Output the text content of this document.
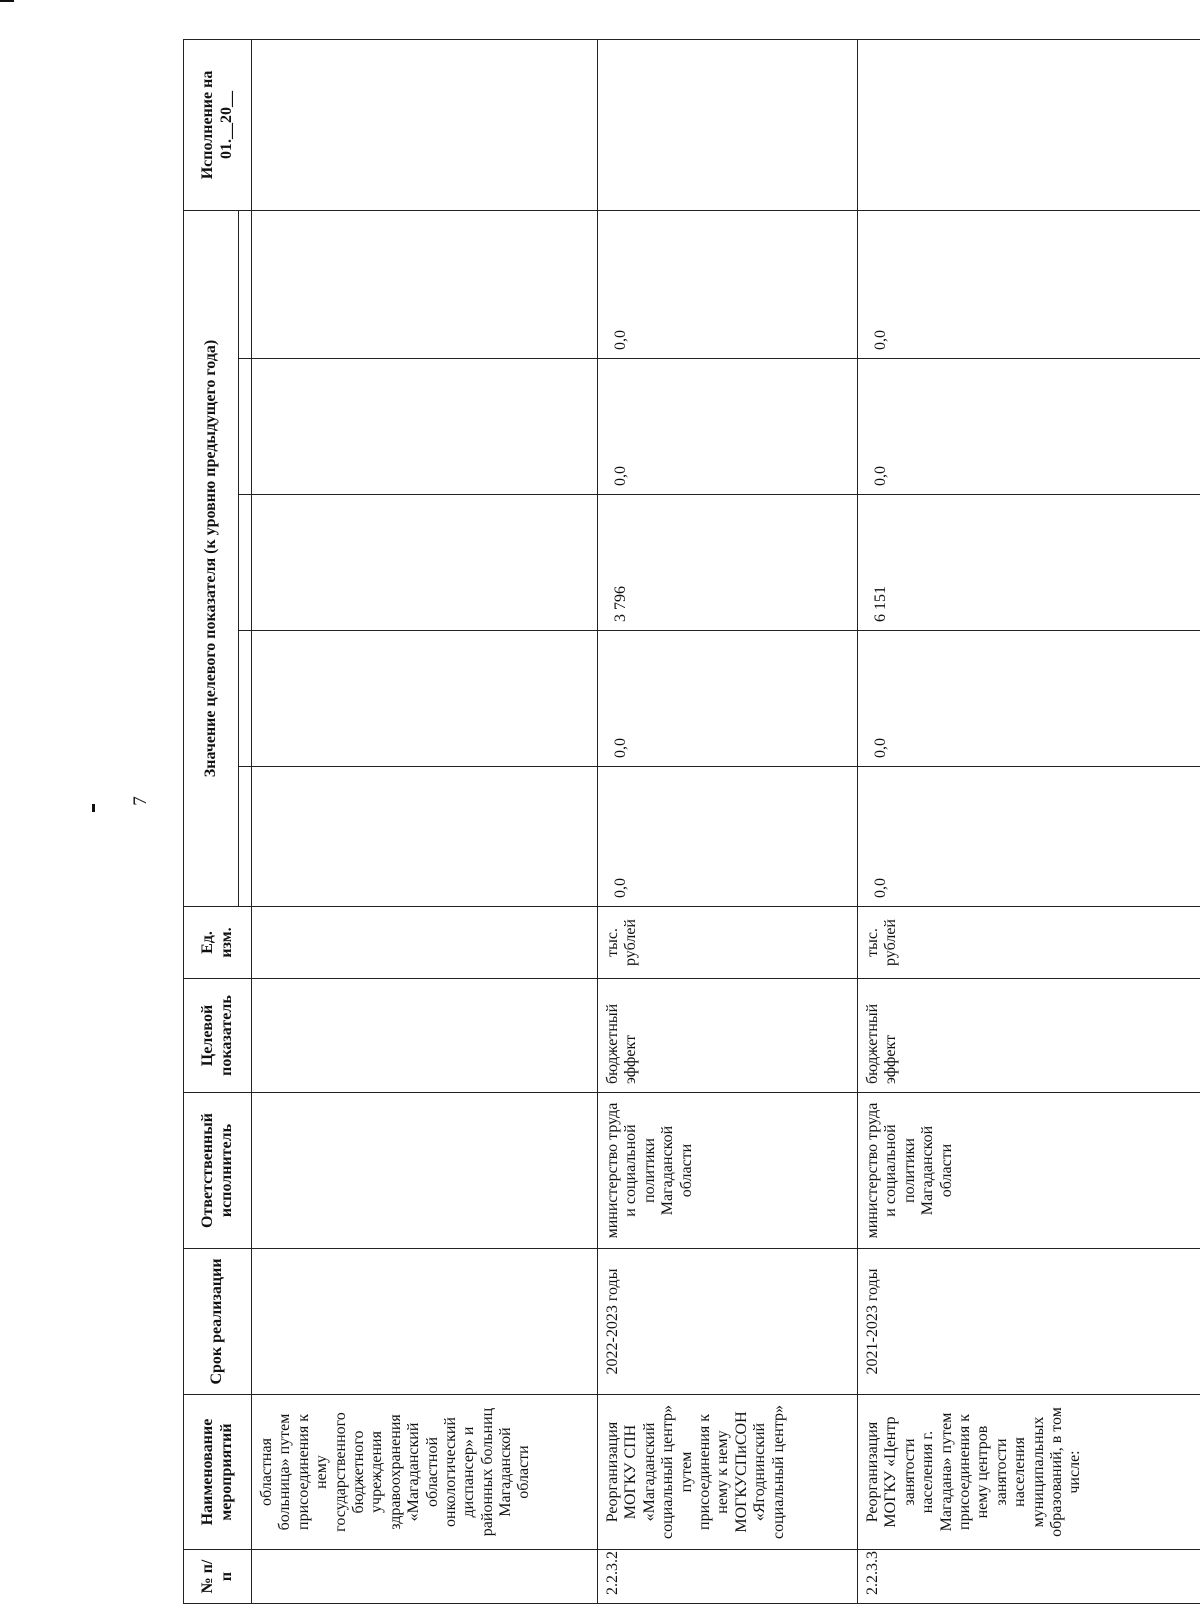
7
№ п/п	Наименование мероприятий	Срок реализации	Ответственный исполнитель	Целевой показатель	Ед. изм.	Значение целевого показателя (к уровню предыдущего года)					Исполнение на 01.__20__

	областная больница» путем присоединения к нему государственного бюджетного учреждения здравоохранения «Магаданский областной онкологический диспансер» и районных больниц Магаданской области										
2.2.3.2	Реорганизация МОГКУ СПН «Магаданский социальный центр» путем присоединения к нему к нему МОГКУСПиСОН «Ягоднинский социальный центр»	2022-2023 годы	министерство труда и социальной политики Магаданской области	бюджетный эффект	тыс. рублей	0,0	0,0	3 796	0,0	0,0	
2.2.3.3	Реорганизация МОГКУ «Центр занятости населения г. Магадана» путем присоединения к нему центров занятости населения муниципальных образований, в том числе:	2021-2023 годы	министерство труда и социальной политики Магаданской области	бюджетный эффект	тыс. рублей	0,0	0,0	6 151	0,0	0,0	
